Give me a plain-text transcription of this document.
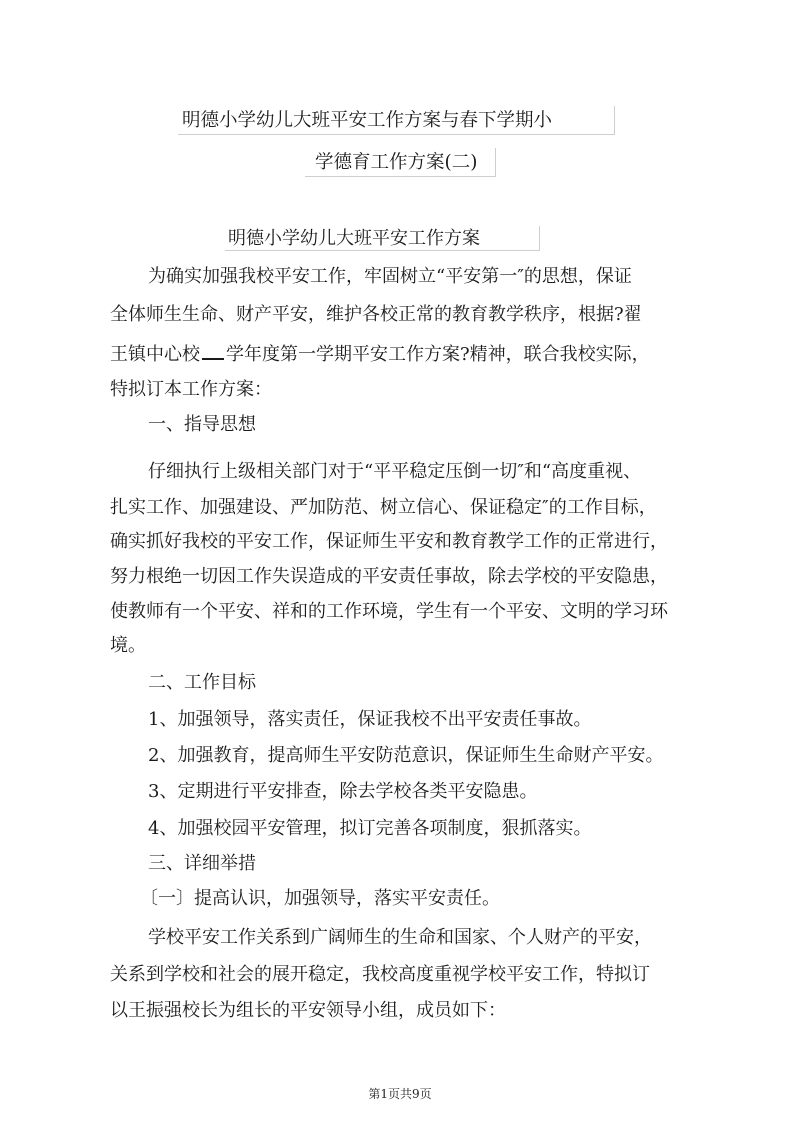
明德小学幼儿大班平安工作方案与春下学期小
学德育工作方案(二)
明德小学幼儿大班平安工作方案
为确实加强我校平安工作，牢固树立“平安第一″的思想，保证
全体师生生命、财产平安，维护各校正常的教育教学秩序，根据?翟
王镇中心校 学年度第一学期平安工作方案?精神，联合我校实际，
特拟订本工作方案：
一、指导思想
仔细执行上级相关部门对于“平平稳定压倒一切″和“高度重视、
扎实工作、加强建设、严加防范、树立信心、保证稳定″的工作目标，
确实抓好我校的平安工作，保证师生平安和教育教学工作的正常进行，
努力根绝一切因工作失误造成的平安责任事故，除去学校的平安隐患，
使教师有一个平安、祥和的工作环境，学生有一个平安、文明的学习环
境。
二、工作目标
1、加强领导，落实责任，保证我校不出平安责任事故。
2、加强教育，提高师生平安防范意识，保证师生生命财产平安。
3、定期进行平安排查，除去学校各类平安隐患。
4、加强校园平安管理，拟订完善各项制度，狠抓落实。
三、详细举措
〔一〕提高认识，加强领导，落实平安责任。
学校平安工作关系到广阔师生的生命和国家、个人财产的平安，
关系到学校和社会的展开稳定，我校高度重视学校平安工作，特拟订
以王振强校长为组长的平安领导小组，成员如下：
第1页共9页
